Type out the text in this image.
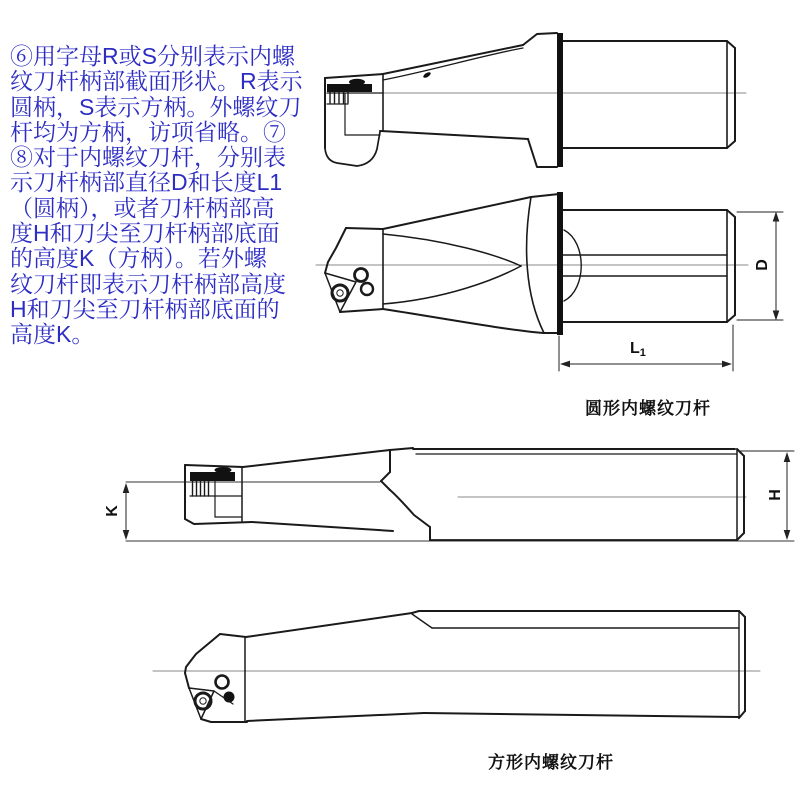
⑥用字母R或S分别表示内螺
纹刀杆柄部截面形状。R表示
圆柄，S表示方柄。外螺纹刀
杆均为方柄，访项省略。⑦
⑧对于内螺纹刀杆，分别表
示刀杆柄部直径D和长度L1
（圆柄），或者刀杆柄部高
度H和刀尖至刀杆柄部底面
的高度K（方柄）。若外螺
纹刀杆即表示刀杆柄部高度
H和刀尖至刀杆柄部底面的
高度K。
D
$L_1$
K
H
圆形内螺纹刀杆
方形内螺纹刀杆
